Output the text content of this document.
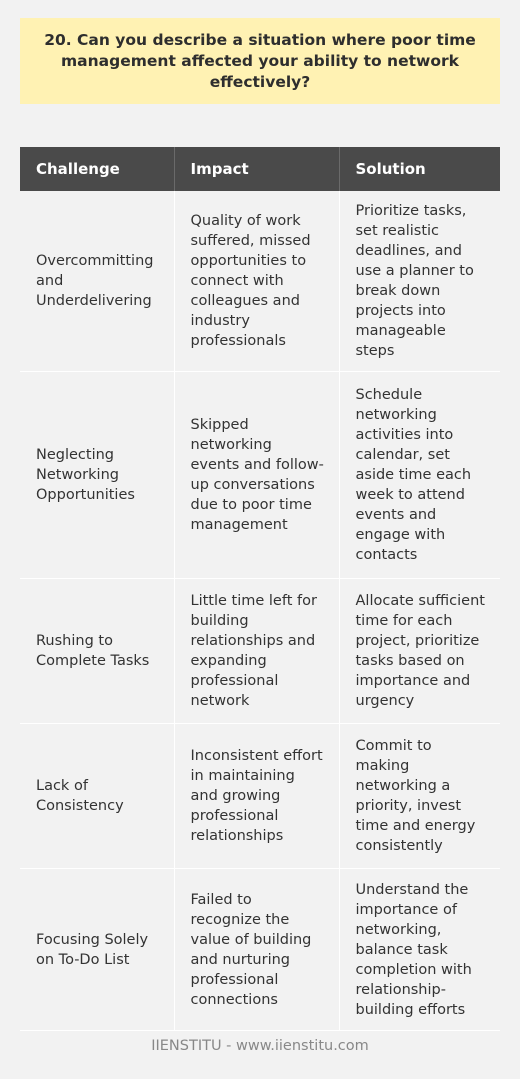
20. Can you describe a situation where poor time management affected your ability to network effectively?
Challenge	Impact	Solution
Overcommitting and Underdelivering	Quality of work suffered, missed opportunities to connect with colleagues and industry professionals	Prioritize tasks, set realistic deadlines, and use a planner to break down projects into manageable steps
Neglecting Networking Opportunities	Skipped networking events and follow-up conversations due to poor time management	Schedule networking activities into calendar, set aside time each week to attend events and engage with contacts
Rushing to Complete Tasks	Little time left for building relationships and expanding professional network	Allocate sufficient time for each project, prioritize tasks based on importance and urgency
Lack of Consistency	Inconsistent effort in maintaining and growing professional relationships	Commit to making networking a priority, invest time and energy consistently
Focusing Solely on To-Do List	Failed to recognize the value of building and nurturing professional connections	Understand the importance of networking, balance task completion with relationship-building efforts
IIENSTITU - www.iienstitu.com
